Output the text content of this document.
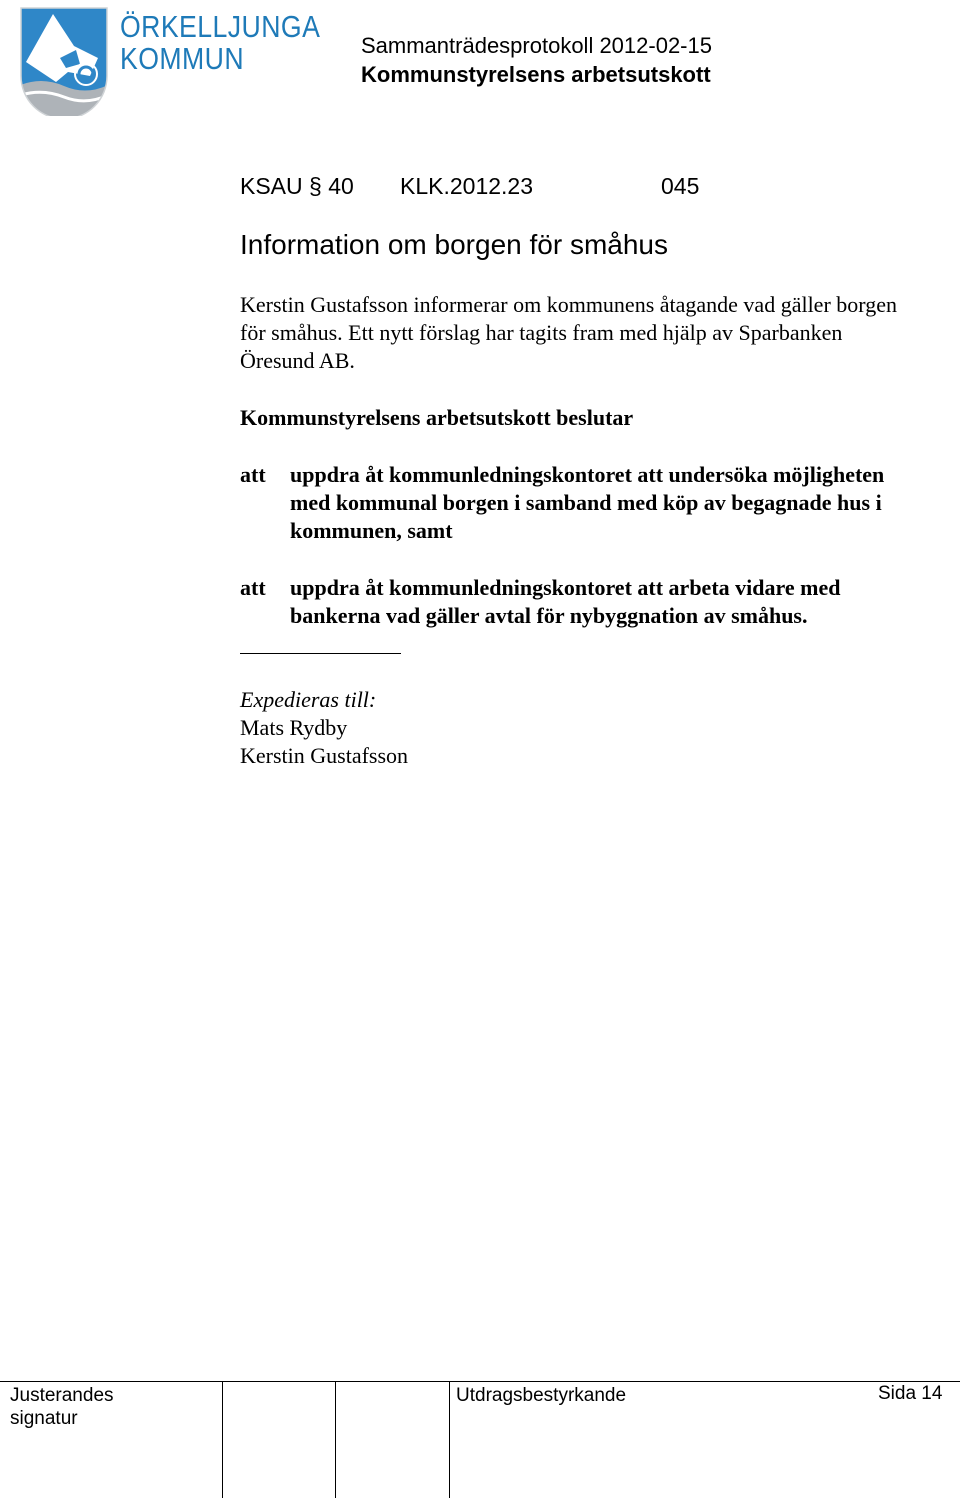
ÖRKELLJUNGA
KOMMUN	Sammanträdesprotokoll 2012-02-15
Kommunstyrelsens arbetsutskott
KSAU § 40 KLK.2012.23	045
Information om borgen för småhus
Kerstin Gustafsson informerar om kommunens åtagande vad gäller borgen för småhus. Ett nytt förslag har tagits fram med hjälp av Sparbanken Öresund AB.
Kommunstyrelsens arbetsutskott beslutar
att uppdra åt kommunledningskontoret att undersöka möjligheten med kommunal borgen i samband med köp av begagnade hus i kommunen, samt
att uppdra åt kommunledningskontoret att arbeta vidare med bankerna vad gäller avtal för nybyggnation av småhus.
Expedieras till:
Mats Rydby
Kerstin Gustafsson
Justerandes signatur
Utdragsbestyrkande	Sida 14
